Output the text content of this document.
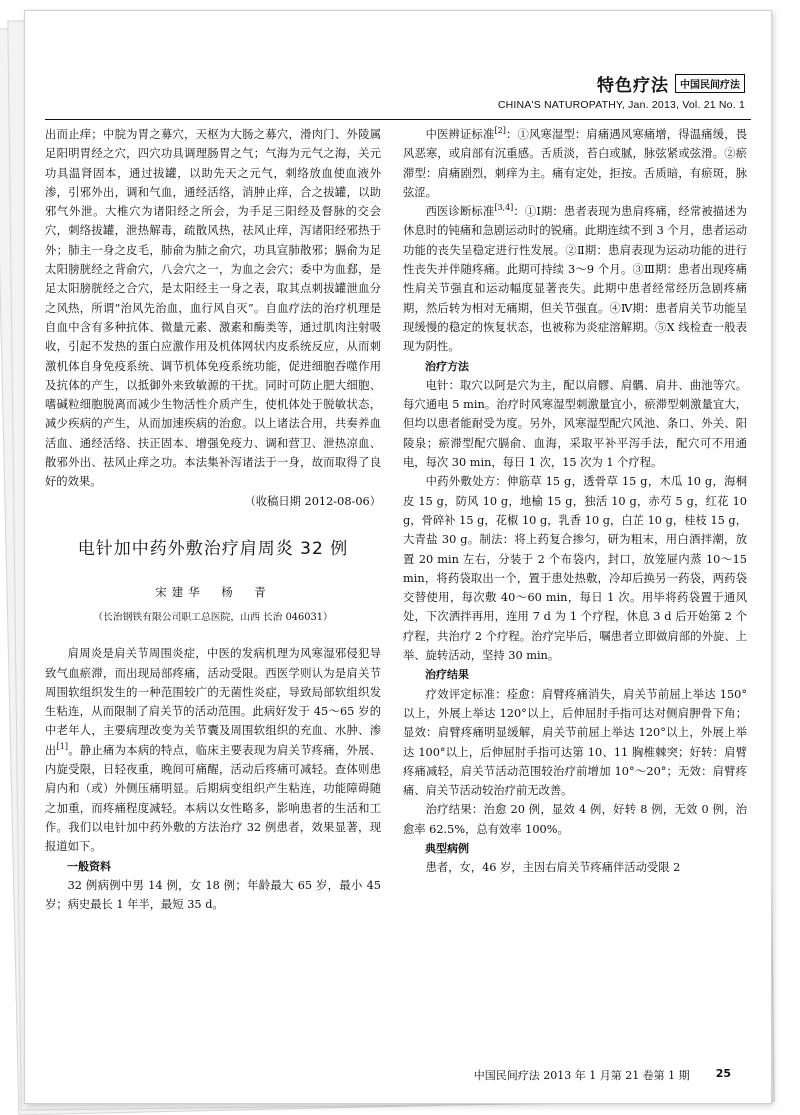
特色疗法	中国民间疗法
CHINA'S NATUROPATHY, Jan. 2013, Vol. 21 No. 1

出而止痒；中脘为胃之募穴，天枢为大肠之募穴，滑肉门、外陵属足阳明胃经之穴，四穴功具调理肠胃之气；气海为元气之海，关元功具温肾固本，通过拔罐，以助先天之元气，刺络放血使血液外渗，引邪外出，调和气血，通经活络，消肿止痒，合之拔罐，以助邪气外泄。大椎穴为诸阳经之所会，为手足三阳经及督脉的交会穴，刺络拔罐，泄热解毒，疏散风热，祛风止痒，泻诸阳经邪热于外；肺主一身之皮毛，肺俞为肺之俞穴，功具宣肺散邪；膈俞为足太阳膀胱经之背俞穴，八会穴之一，为血之会穴；委中为血郄，是足太阳膀胱经之合穴，是太阳经主一身之表，取其点刺拔罐泄血分之风热，所谓“治风先治血，血行风自灭”。自血疗法的治疗机理是自血中含有多种抗体、微量元素、激素和酶类等，通过肌肉注射吸收，引起不发热的蛋白应激作用及机体网状内皮系统反应，从而刺激机体自身免疫系统、调节机体免疫系统功能，促进细胞吞噬作用及抗体的产生，以抵御外来致敏源的干扰。同时可防止肥大细胞、嗜碱粒细胞脱离而减少生物活性介质产生，使机体处于脱敏状态，减少疾病的产生，从而加速疾病的治愈。以上诸法合用，共奏养血活血、通经活络、扶正固本、增强免疫力、调和营卫、泄热凉血、散邪外出、祛风止痒之功。本法集补泻诸法于一身，故而取得了良好的效果。

（收稿日期 2012-08-06）
电针加中药外敷治疗肩周炎 32 例
宋建华　杨　青
（长治钢铁有限公司职工总医院，山西 长治 046031）

肩周炎是肩关节周围炎症，中医的发病机理为风寒湿邪侵犯导致气血瘀滞，而出现局部疼痛，活动受限。西医学则认为是肩关节周围软组织发生的一种范围较广的无菌性炎症，导致局部软组织发生粘连，从而限制了肩关节的活动范围。此病好发于 45～65 岁的中老年人，主要病理改变为关节囊及周围软组织的充血、水肿、渗出[1]。静止痛为本病的特点，临床主要表现为肩关节疼痛，外展、内旋受限，日轻夜重，晚间可痛醒，活动后疼痛可减轻。查体则患肩内和（或）外侧压痛明显。后期病变组织产生粘连，功能障碍随之加重，而疼痛程度减轻。本病以女性略多，影响患者的生活和工作。我们以电针加中药外敷的方法治疗 32 例患者，效果显著，现报道如下。

一般资料

32 例病例中男 14 例，女 18 例；年龄最大 65 岁，最小 45 岁；病史最长 1 年半，最短 35 d。

中医辨证标准[2]：①风寒湿型：肩痛遇风寒痛增，得温痛缓，畏风恶寒，或肩部有沉重感。舌质淡，苔白或腻，脉弦紧或弦滑。②瘀滞型：肩痛剧烈，刺痒为主。痛有定处，拒按。舌质暗，有瘀斑，脉弦涩。

西医诊断标准[3,4]：①Ⅰ期：患者表现为患肩疼痛，经常被描述为休息时的钝痛和急剧运动时的锐痛。此期连续不到 3 个月，患者运动功能的丧失呈稳定进行性发展。②Ⅱ期：患肩表现为运动功能的进行性丧失并伴随疼痛。此期可持续 3～9 个月。③Ⅲ期：患者出现疼痛性肩关节强直和运动幅度显著丧失。此期中患者经常经历急剧疼痛期，然后转为相对无痛期，但关节强直。④Ⅳ期：患者肩关节功能呈现缓慢的稳定的恢复状态，也被称为炎症溶解期。⑤X 线检查一般表现为阴性。

治疗方法

电针：取穴以阿是穴为主，配以肩髎、肩髃、肩井、曲池等穴。每穴通电 5 min。治疗时风寒湿型刺激量宜小，瘀滞型刺激量宜大，但均以患者能耐受为度。另外，风寒湿型配穴风池、条口、外关、阳陵泉；瘀滞型配穴膈俞、血海，采取平补平泻手法，配穴可不用通电，每次 30 min，每日 1 次，15 次为 1 个疗程。

中药外敷处方：伸筋草 15 g，透骨草 15 g，木瓜 10 g，海桐皮 15 g，防风 10 g，地榆 15 g，独活 10 g，赤芍 5 g，红花 10 g，骨碎补 15 g，花椒 10 g，乳香 10 g，白芷 10 g，桂枝 15 g，大青盐 30 g。制法：将上药复合掺匀，研为粗末，用白酒拌潮，放置 20 min 左右，分装于 2 个布袋内，封口，放笼屉内蒸 10～15 min，将药袋取出一个，置于患处热敷，冷却后换另一药袋，两药袋交替使用，每次敷 40～60 min，每日 1 次。用毕将药袋置于通风处，下次洒拌再用，连用 7 d 为 1 个疗程，休息 3 d 后开始第 2 个疗程，共治疗 2 个疗程。治疗完毕后，嘱患者立即做肩部的外旋、上举、旋转活动，坚持 30 min。

治疗结果

疗效评定标准：痊愈：肩臂疼痛消失，肩关节前屈上举达 150°以上，外展上举达 120°以上，后伸屈肘手指可达对侧肩胛骨下角；显效：肩臂疼痛明显缓解，肩关节前屈上举达 120°以上，外展上举达 100°以上，后伸屈肘手指可达第 10、11 胸椎棘突；好转：肩臂疼痛减轻，肩关节活动范围较治疗前增加 10°～20°；无效：肩臂疼痛、肩关节活动较治疗前无改善。

治疗结果：治愈 20 例，显效 4 例，好转 8 例，无效 0 例，治愈率 62.5%，总有效率 100%。

典型病例

患者，女，46 岁，主因右肩关节疼痛伴活动受限 2

中国民间疗法 2013 年 1 月第 21 卷第 1 期 25
